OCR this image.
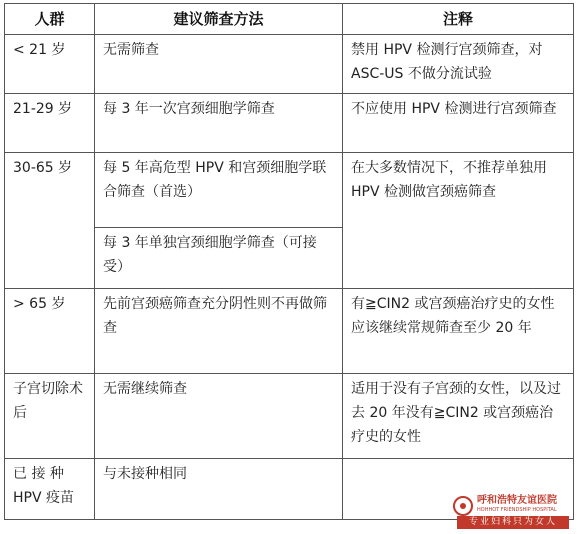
人群	建议筛查方法	注释
< 21 岁	无需筛查	禁用 HPV 检测行宫颈筛查，对 ASC-US 不做分流试验
21-29 岁	每 3 年一次宫颈细胞学筛查	不应使用 HPV 检测进行宫颈筛查
30-65 岁	每 5 年高危型 HPV 和宫颈细胞学联合筛查（首选）	在大多数情况下，不推荐单独用 HPV 检测做宫颈癌筛查
	每 3 年单独宫颈细胞学筛查（可接受）	
> 65 岁	先前宫颈癌筛查充分阴性则不再做筛查	有≧CIN2 或宫颈癌治疗史的女性应该继续常规筛查至少 20 年
子宫切除术后	无需继续筛查	适用于没有子宫颈的女性，以及过去 20 年没有≧CIN2 或宫颈癌治疗史的女性
已 接 种 HPV 疫苗	与未接种相同	
呼和浩特友谊医院
HOHHOT FRIENDSHIP HOSPITAL
专业妇科只为女人
